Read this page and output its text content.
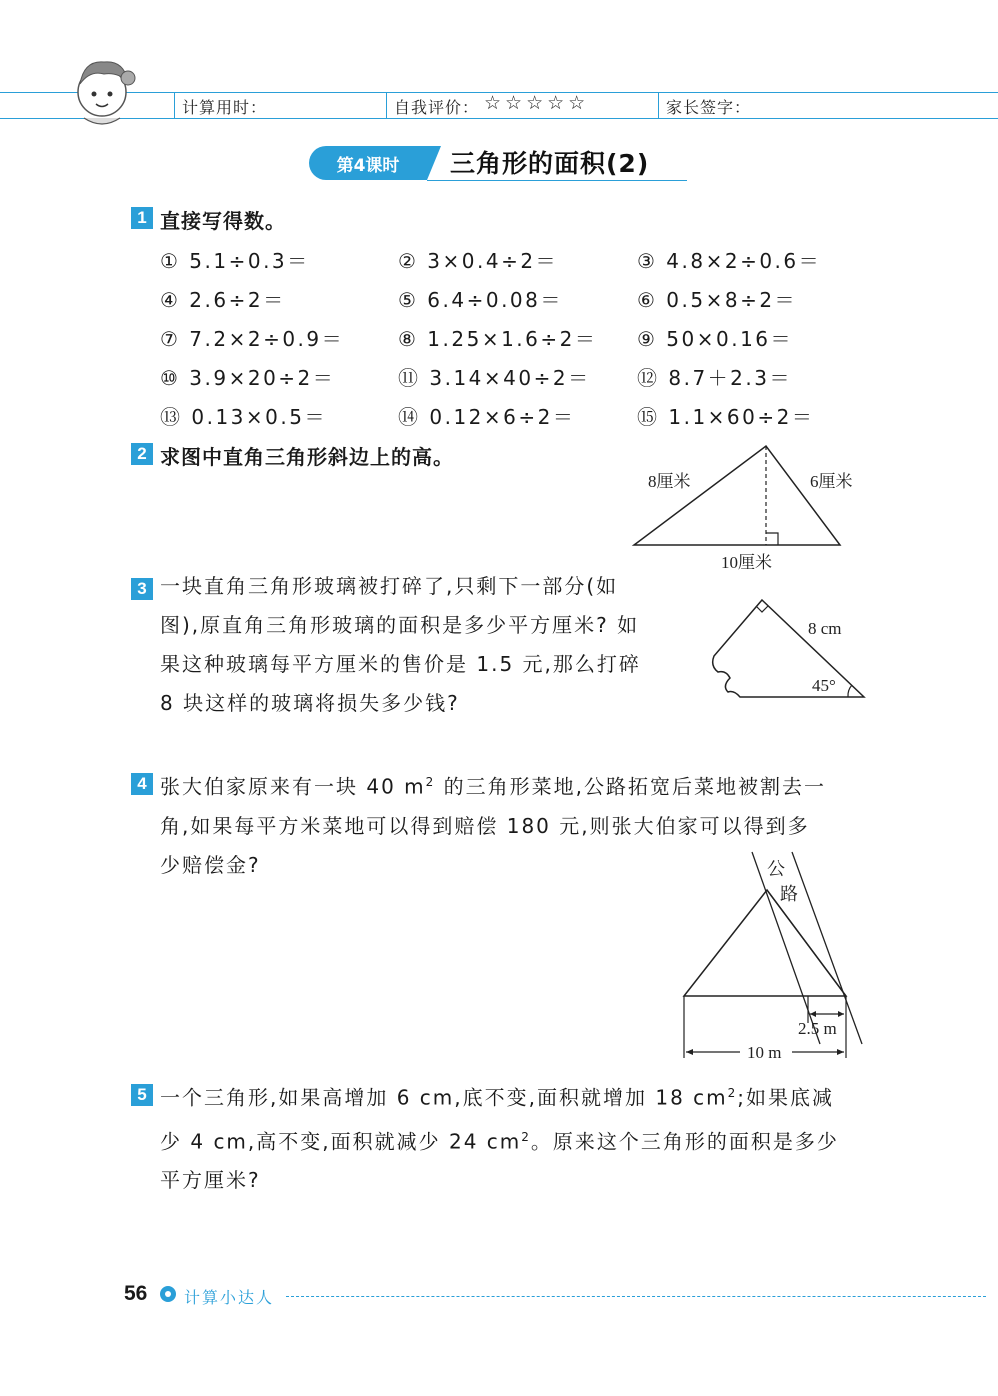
计算用时：	自我评价： ☆☆☆☆☆	家长签字：
第4课时	三角形的面积(2)
1 直接写得数。
① 5.1÷0.3＝	② 3×0.4÷2＝	③ 4.8×2÷0.6＝
④ 2.6÷2＝	⑤ 6.4÷0.08＝	⑥ 0.5×8÷2＝
⑦ 7.2×2÷0.9＝	⑧ 1.25×1.6÷2＝ ⑨ 50×0.16＝
⑩ 3.9×20÷2＝	⑪ 3.14×40÷2＝ ⑫ 8.7＋2.3＝
⑬ 0.13×0.5＝	⑭ 0.12×6÷2＝	⑮ 1.1×60÷2＝
2 求图中直角三角形斜边上的高。
8厘米	6厘米
10厘米
3 一块直角三角形玻璃被打碎了,只剩下一部分(如

图),原直角三角形玻璃的面积是多少平方厘米? 如

果这种玻璃每平方厘米的售价是 1.5 元,那么打碎

8 块这样的玻璃将损失多少钱?

8 cm
45°
4 张大伯家原来有一块 40 $m^2$ 的三角形菜地,公路拓宽后菜地被割去一

角,如果每平方米菜地可以得到赔偿 180 元,则张大伯家可以得到多

少赔偿金?	公
路
2.5 m
10 m
5 一个三角形,如果高增加 6 cm,底不变,面积就增加 18 $cm^2$;如果底减

少 4 cm,高不变,面积就减少 24 $cm^2$。原来这个三角形的面积是多少

平方厘米?

56 计算小达人
